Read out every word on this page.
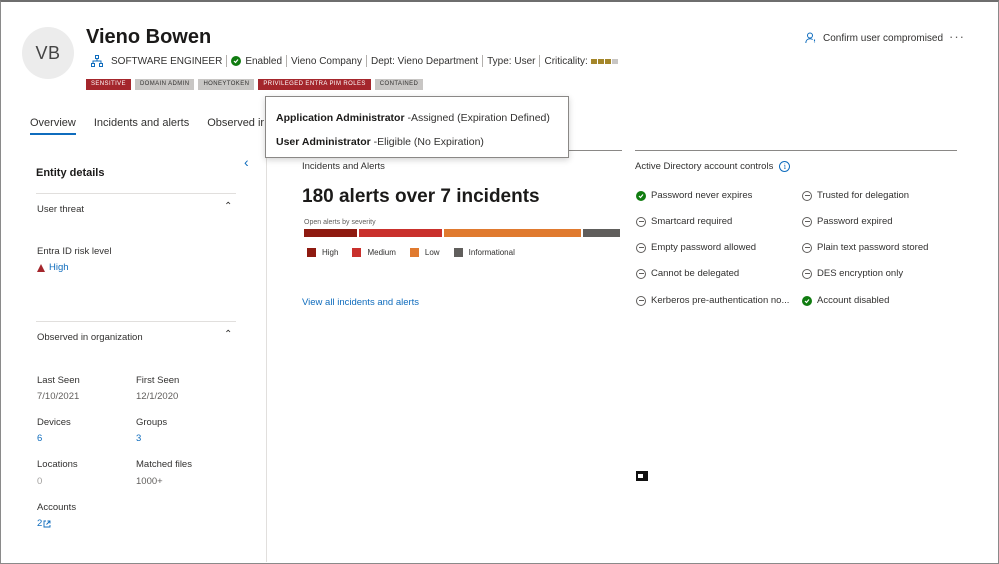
VB
Vieno Bowen
SOFTWARE ENGINEER Enabled Vieno Company Dept: Vieno Department Type: User Criticality:
SENSITIVE	DOMAIN ADMIN	HONEYTOKEN	PRIVILEGED ENTRA PIM ROLES	CONTAINED
Confirm user compromised ···
Overview Incidents and alerts Observed ir
‹
Entity details
User threat	⌃
Entra ID risk level
High
Observed in organization	⌃
Last Seen
7/10/2021
First Seen
12/1/2020
Devices
6
Groups
3
Locations
0
Matched files
1000+
Accounts
2
Incidents and Alerts
180 alerts over 7 incidents
Open alerts by severity
High	Medium	Low	Informational
View all incidents and alerts
Active Directory account controls	i
Password never expires	Trusted for delegation
Smartcard required	Password expired
Empty password allowed	Plain text password stored
Cannot be delegated	DES encryption only
Kerberos pre-authentication no...	Account disabled
Application Administrator -Assigned (Expiration Defined)
User Administrator -Eligible (No Expiration)
